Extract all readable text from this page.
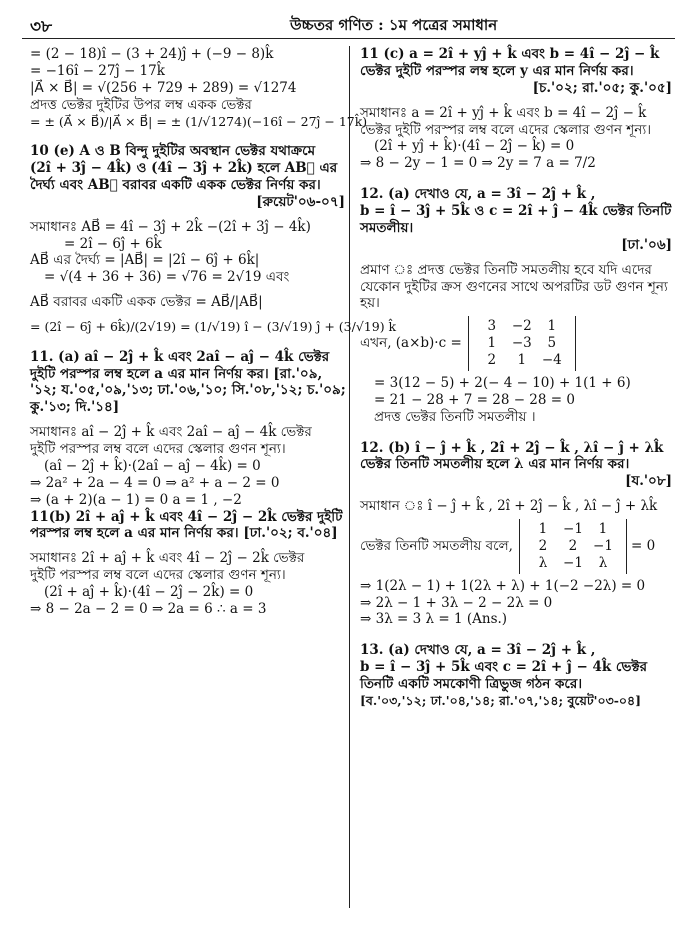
৩৮	উচ্চতর গণিত : ১ম পত্রের সমাধান

= (2 − 18)î − (3 + 24)ĵ + (−9 − 8)k̂

= −16î − 27ĵ − 17k̂

|A⃗ × B⃗| = √(256 + 729 + 289) = √1274

প্রদত্ত ভেক্টর দুইটির উপর লম্ব একক ভেক্টর

= ± (A⃗ × B⃗)/|A⃗ × B⃗| = ± (1/√1274)(−16î − 27ĵ − 17k̂)

10 (e) A ও B বিন্দু দুইটির অবস্থান ভেক্টর যথাক্রমে

(2î + 3ĵ − 4k̂) ও (4î − 3ĵ + 2k̂) হলে AB⃗ এর

দৈর্ঘ্য এবং AB⃗ বরাবর একটি একক ভেক্টর নির্ণয় কর।

[রুয়েট'০৬-০৭]

সমাধানঃ AB⃗ = 4î − 3ĵ + 2k̂ −(2î + 3ĵ − 4k̂)

= 2î − 6ĵ + 6k̂

AB⃗ এর দৈর্ঘ্য = |AB⃗| = |2î − 6ĵ + 6k̂|

= √(4 + 36 + 36) = √76 = 2√19 এবং

AB⃗ বরাবর একটি একক ভেক্টর = AB⃗/|AB⃗|

= (2î − 6ĵ + 6k̂)/(2√19) = (1/√19) î − (3/√19) ĵ + (3/√19) k̂

11. (a) aî − 2ĵ + k̂ এবং 2aî − aĵ − 4k̂ ভেক্টর

দুইটি পরস্পর লম্ব হলে a এর মান নির্ণয় কর। [রা.'০৯,

'১২; য.'০৫,'০৯,'১৩; ঢা.'০৬,'১০; সি.'০৮,'১২; চ.'০৯;

কু.'১৩; দি.'১৪]

সমাধানঃ aî − 2ĵ + k̂ এবং 2aî − aĵ − 4k̂ ভেক্টর

দুইটি পরস্পর লম্ব বলে এদের স্কেলার গুণন শূন্য।

(aî − 2ĵ + k̂)·(2aî − aĵ − 4k̂) = 0

⇒ 2a² + 2a − 4 = 0 ⇒ a² + a − 2 = 0

⇒ (a + 2)(a − 1) = 0 a = 1 , −2

11(b) 2î + aĵ + k̂ এবং 4î − 2ĵ − 2k̂ ভেক্টর দুইটি

পরস্পর লম্ব হলে a এর মান নির্ণয় কর। [ঢা.'০২; ব.'০৪]

সমাধানঃ 2î + aĵ + k̂ এবং 4î − 2ĵ − 2k̂ ভেক্টর

দুইটি পরস্পর লম্ব বলে এদের স্কেলার গুণন শূন্য।

(2î + aĵ + k̂)·(4î − 2ĵ − 2k̂) = 0

⇒ 8 − 2a − 2 = 0 ⇒ 2a = 6 ∴ a = 3

11 (c) a = 2î + yĵ + k̂ এবং b = 4î − 2ĵ − k̂

ভেক্টর দুইটি পরস্পর লম্ব হলে y এর মান নির্ণয় কর।

[চ.'০২; রা.'০৫; কু.'০৫]

সমাধানঃ a = 2î + yĵ + k̂ এবং b = 4î − 2ĵ − k̂

ভেক্টর দুইটি পরস্পর লম্ব বলে এদের স্কেলার গুণন শূন্য।

(2î + yĵ + k̂)·(4î − 2ĵ − k̂) = 0

⇒ 8 − 2y − 1 = 0 ⇒ 2y = 7 a = 7/2

12. (a) দেখাও যে, a = 3î − 2ĵ + k̂ ,

b = î − 3ĵ + 5k̂ ও c = 2î + ĵ − 4k̂ ভেক্টর তিনটি

সমতলীয়।

[ঢা.'০৬]

প্রমাণ ঃ প্রদত্ত ভেক্টর তিনটি সমতলীয় হবে যদি এদের

যেকোন দুইটির ক্রস গুণনের সাথে অপরটির ডট গুণন শূন্য

হয়।

এখন, (a×b)·c =
3	−2	1
1	−3	5
2	1	−4

= 3(12 − 5) + 2(− 4 − 10) + 1(1 + 6)

= 21 − 28 + 7 = 28 − 28 = 0

প্রদত্ত ভেক্টর তিনটি সমতলীয় ।

12. (b) î − ĵ + k̂ , 2î + 2ĵ − k̂ , λî − ĵ + λk̂

ভেক্টর তিনটি সমতলীয় হলে λ এর মান নির্ণয় কর।

[য.'০৮]

সমাধান ঃ î − ĵ + k̂ , 2î + 2ĵ − k̂ , λî − ĵ + λk̂

ভেক্টর তিনটি সমতলীয় বলে,
1	−1	1
2	2	−1
λ	−1	λ
= 0

⇒ 1(2λ − 1) + 1(2λ + λ) + 1(−2 −2λ) = 0

⇒ 2λ − 1 + 3λ − 2 − 2λ = 0

⇒ 3λ = 3 λ = 1 (Ans.)

13. (a) দেখাও যে, a = 3î − 2ĵ + k̂ ,

b = î − 3ĵ + 5k̂ এবং c = 2î + ĵ − 4k̂ ভেক্টর

তিনটি একটি সমকোণী ত্রিভুজ গঠন করে।

[ব.'০৩,'১২; ঢা.'০৪,'১৪; রা.'০৭,'১৪; বুয়েট'০৩-০৪]
